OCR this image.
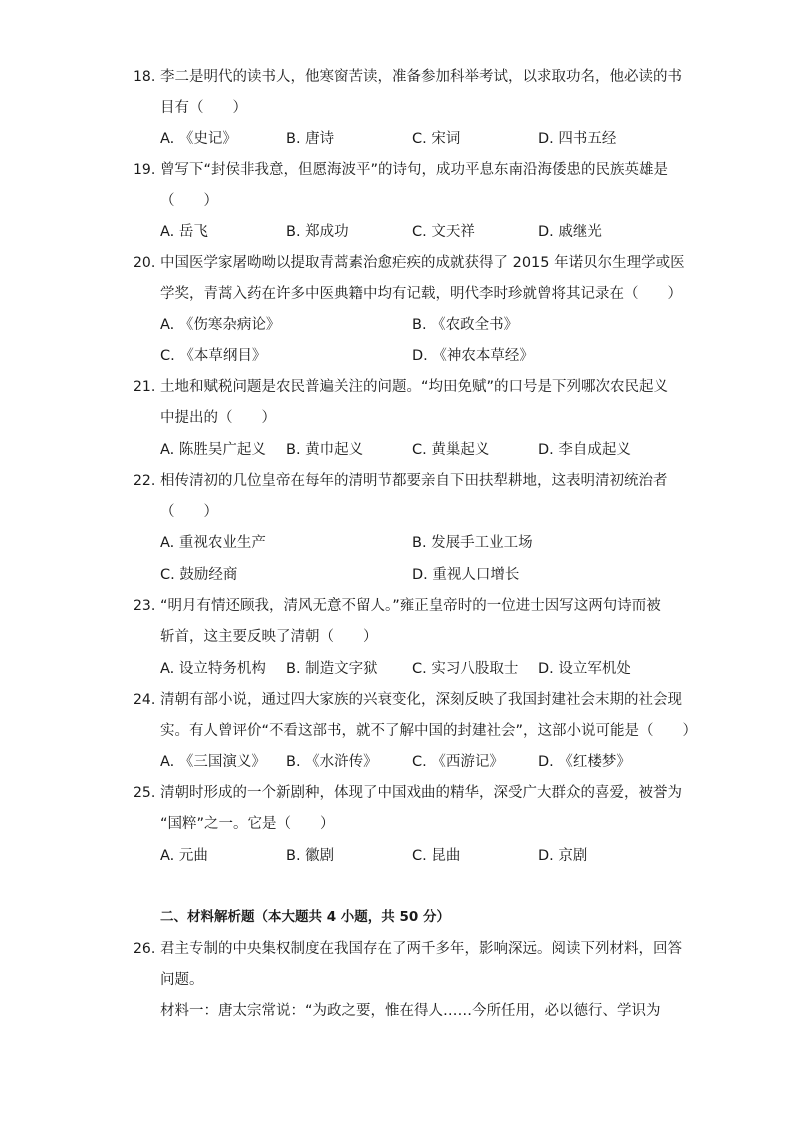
18. 李二是明代的读书人，他寒窗苦读，准备参加科举考试，以求取功名，他必读的书
目有（　　）
A. 《史记》	B. 唐诗	C. 宋词	D. 四书五经
19. 曾写下“封侯非我意，但愿海波平”的诗句，成功平息东南沿海倭患的民族英雄是
（　　）
A. 岳飞	B. 郑成功	C. 文天祥	D. 戚继光
20. 中国医学家屠呦呦以提取青蒿素治愈疟疾的成就获得了 2015 年诺贝尔生理学或医
学奖，青蒿入药在许多中医典籍中均有记载，明代李时珍就曾将其记录在（　　）
A. 《伤寒杂病论》	B. 《农政全书》
C. 《本草纲目》	D. 《神农本草经》
21. 土地和赋税问题是农民普遍关注的问题。“均田免赋”的口号是下列哪次农民起义
中提出的（　　）
A. 陈胜吴广起义 B. 黄巾起义	C. 黄巢起义	D. 李自成起义
22. 相传清初的几位皇帝在每年的清明节都要亲自下田扶犁耕地，这表明清初统治者
（　　）
A. 重视农业生产	B. 发展手工业工场
C. 鼓励经商	D. 重视人口增长
23. “明月有情还顾我，清风无意不留人。”雍正皇帝时的一位进士因写这两句诗而被
斩首，这主要反映了清朝（　　）
A. 设立特务机构 B. 制造文字狱 C. 实习八股取士 D. 设立军机处
24. 清朝有部小说，通过四大家族的兴衰变化，深刻反映了我国封建社会末期的社会现
实。有人曾评价“不看这部书，就不了解中国的封建社会”，这部小说可能是（　　）
A. 《三国演义》 B. 《水浒传》 C. 《西游记》 D. 《红楼梦》
25. 清朝时形成的一个新剧种，体现了中国戏曲的精华，深受广大群众的喜爱，被誉为
“国粹”之一。它是（　　）
A. 元曲	B. 徽剧	C. 昆曲	D. 京剧
二、材料解析题（本大题共 4 小题，共 50 分）
26. 君主专制的中央集权制度在我国存在了两千多年，影响深远。阅读下列材料，回答
问题。
材料一：唐太宗常说：“为政之要，惟在得人……今所任用，必以德行、学识为
